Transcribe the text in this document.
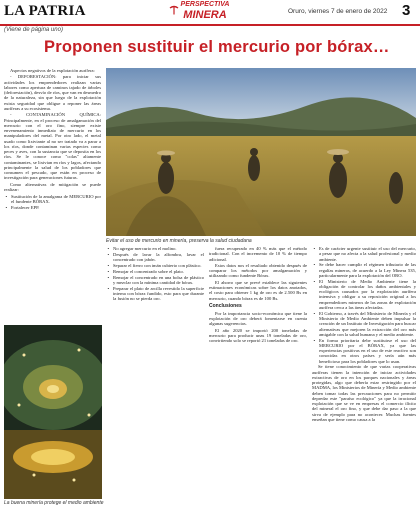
LA PATRIA	PERSPECTIVA
MINERA	Oruro, viernes 7 de enero de 2022 3
(Viene de página uno)
Proponen sustituir el mercurio por bórax…

Aspectos negativos de la explotación aurífera:

- DEFORESTACIÓN: para iniciar sus actividades los emprendedores realizan varias labores como apertura de caminos tajado de árboles (deforestación), desvío de ríos, que van en desmedro de la naturaleza, sin que luego de la explotación exista seguridad que obligue a reponer las áreas auríferas a su ecosistema.

- CONTAMINACIÓN QUÍMICA: Principalmente, en el proceso de amalgamación del mercurio con el oro fino, siempre existe envenenamiento inmediato de mercurio en los manipuladores del metal. Por otro lado, el metal usado como lixiviante al no ser tratado va a parar a los ríos, donde contaminan varias especies como peces y aves, con la sustancia que se deposita en los ríos. Se le conoce como "colas" altamente contaminantes, se lixivian en ríos y lagos, afectando principalmente la salud de los pobladores que consumen el pescado, que están en proceso de investigación para generaciones futuras.

Como alternativas de mitigación se puede realizar:

• Sustitución de la amalgama de MERCURIO por el fundente BÓRAX.
• Fortalecer EPP.
Evitar el uso de mercurio en minería, preserva la salud ciudadana
La buena minería protege el medio ambiente
• No agregar mercurio en el molino.
• Después de lavar la alfombra, lavar el concentrado con jabón.
• Separar el fierro con imán cubierto con plástico.
• Remojar el concentrado sobre el plato.
• Remojar el concentrado en una bolsa de plástico y mezclar con la mínima cantidad de bórax.
• Preparar el plato de arcilla revestido la superficie interna con bórax fundido, esto para que durante la fusión no se pierda oro.

fuera recuperado en 40 % más que el método tradicional. Con el incremento de 10 % de tiempo adicional.

Estos datos nos el resultado obtenido después de comparar los métodos por amalgamación y utilizando como fundente Bórax.

El ahorro que se prevé establece las siguientes estimaciones económicas sobre los datos anotados, el costo para obtener 1 kg de oro es de 2.500 Bs en mercurio, cuando bórax es de 100 Bs.

Conclusiones

Por la importancia socio-económica que tiene la explotación de oro deberá fomentarse en cuenta algunas sugerencias.

El año 2020 se importó 200 toneladas de mercurio para producir unas 19 toneladas de oro, convirtiendo solo se reportó 21 toneladas de oro.

• Es de carácter urgente sustituir el uso del mercurio, a pesar que no afecta a la salud profesional y medio ambiente.
• Se debe hacer cumplir el régimen tributario de las regalías mineras, de acuerdo a la Ley Minera 535, particularmente para la explotación del ORO.
• El Ministerio de Medio Ambiente tiene la obligación de controlar los daños ambientales y ecológicos causados por la explotación aurífera intensiva y obligar a su reposición original a los emprendedores mineros de las zonas de explotación aurífera cerca a las áreas afectadas.
• El Gobierno, a través del Ministerio de Minería y el Ministerio de Medio Ambiente deben impulsar la creación de un Instituto de Investigación para buscar alternativas que mejoren la extracción del oro más amigable con la salud humana y el medio ambiente.
• En forma prioritaria debe sustituirse el uso del MERCURIO por el BÓRAX, ya que las experiencias positivas en el uso de este reactivo son conocidas en otros países y sería aún más beneficioso para los pobladores que lo usan.

Se tiene conocimiento de que varias cooperativas auríferas tienen la intención de iniciar actividades extractivas de oro en los parques nacionales y áreas protegidas, algo que debería estar restringido por el MADMA, los Ministerios de Minería y Medio ambiente deben tomar todas las precauciones para no permitir depredar este "paraíso ecológico" ya que la irracional explotación que se ve en empresas el comercio ilícito del mineral el oro fino, y que debe dar paso a la que sirva de ejemplo para no acontecer. Muchas fuentes enseñan que tiene como causa a la
